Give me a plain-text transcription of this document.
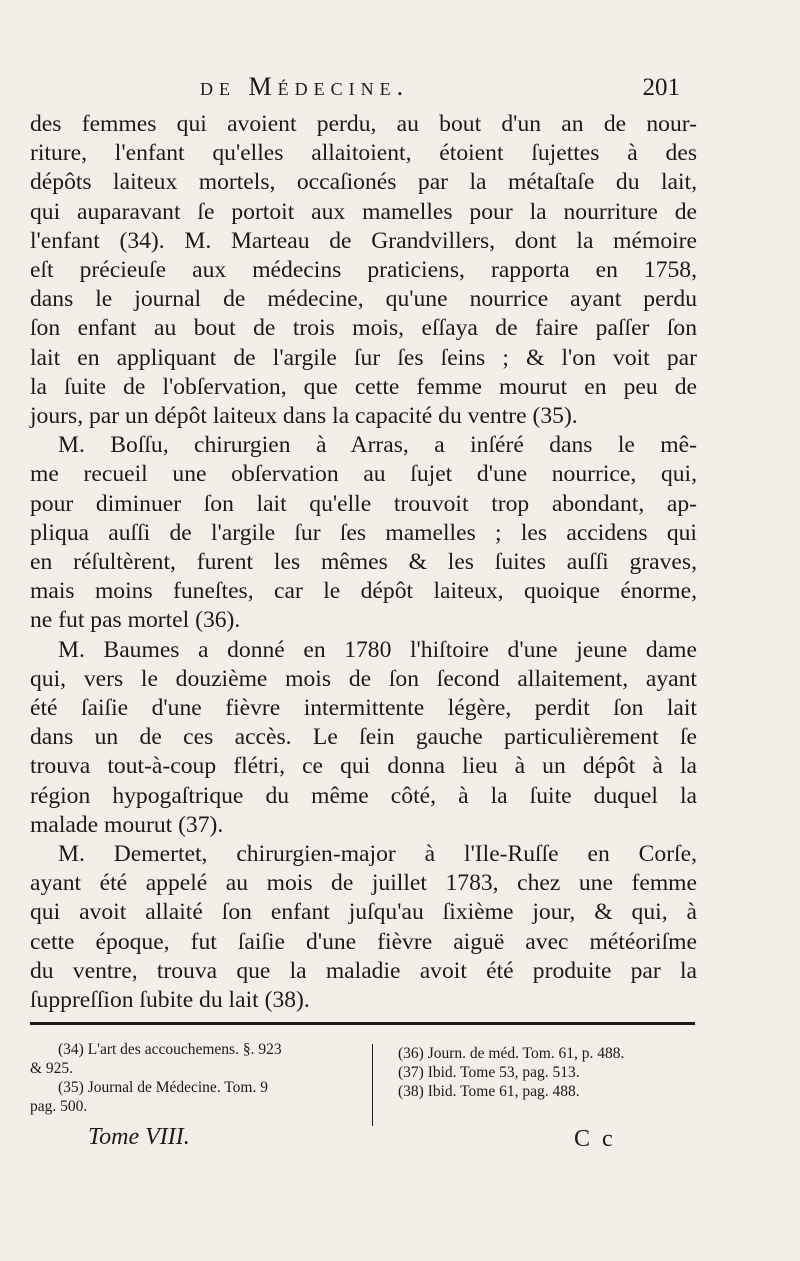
de Médecine.	201
des femmes qui avoient perdu, au bout d'un an de nour-
riture, l'enfant qu'elles allaitoient, étoient ſujettes à des
dépôts laiteux mortels, occaſionés par la métaſtaſe du lait,
qui auparavant ſe portoit aux mamelles pour la nourriture de
l'enfant (34). M. Marteau de Grandvillers, dont la mémoire
eſt précieuſe aux médecins praticiens, rapporta en 1758,
dans le journal de médecine, qu'une nourrice ayant perdu
ſon enfant au bout de trois mois, eſſaya de faire paſſer ſon
lait en appliquant de l'argile ſur ſes ſeins ; & l'on voit par
la ſuite de l'obſervation, que cette femme mourut en peu de
jours, par un dépôt laiteux dans la capacité du ventre (35).
M. Boſſu, chirurgien à Arras, a inſéré dans le mê-
me recueil une obſervation au ſujet d'une nourrice, qui,
pour diminuer ſon lait qu'elle trouvoit trop abondant, ap-
pliqua auſſi de l'argile ſur ſes mamelles ; les accidens qui
en réſultèrent, furent les mêmes & les ſuites auſſi graves,
mais moins funeſtes, car le dépôt laiteux, quoique énorme,
ne fut pas mortel (36).
M. Baumes a donné en 1780 l'hiſtoire d'une jeune dame
qui, vers le douzième mois de ſon ſecond allaitement, ayant
été ſaiſie d'une fièvre intermittente légère, perdit ſon lait
dans un de ces accès. Le ſein gauche particulièrement ſe
trouva tout-à-coup flétri, ce qui donna lieu à un dépôt à la
région hypogaſtrique du même côté, à la ſuite duquel la
malade mourut (37).
M. Demertet, chirurgien-major à l'Ile-Ruſſe en Corſe,
ayant été appelé au mois de juillet 1783, chez une femme
qui avoit allaité ſon enfant juſqu'au ſixième jour, & qui, à
cette époque, fut ſaiſie d'une fièvre aiguë avec météoriſme
du ventre, trouva que la maladie avoit été produite par la
ſuppreſſion ſubite du lait (38).
(34) L'art des accouchemens. §. 923
& 925.
(35) Journal de Médecine. Tom. 9
pag. 500.
(36) Journ. de méd. Tom. 61, p. 488.
(37) Ibid. Tome 53, pag. 513.
(38) Ibid. Tome 61, pag. 488.
Tome VIII.	C c
